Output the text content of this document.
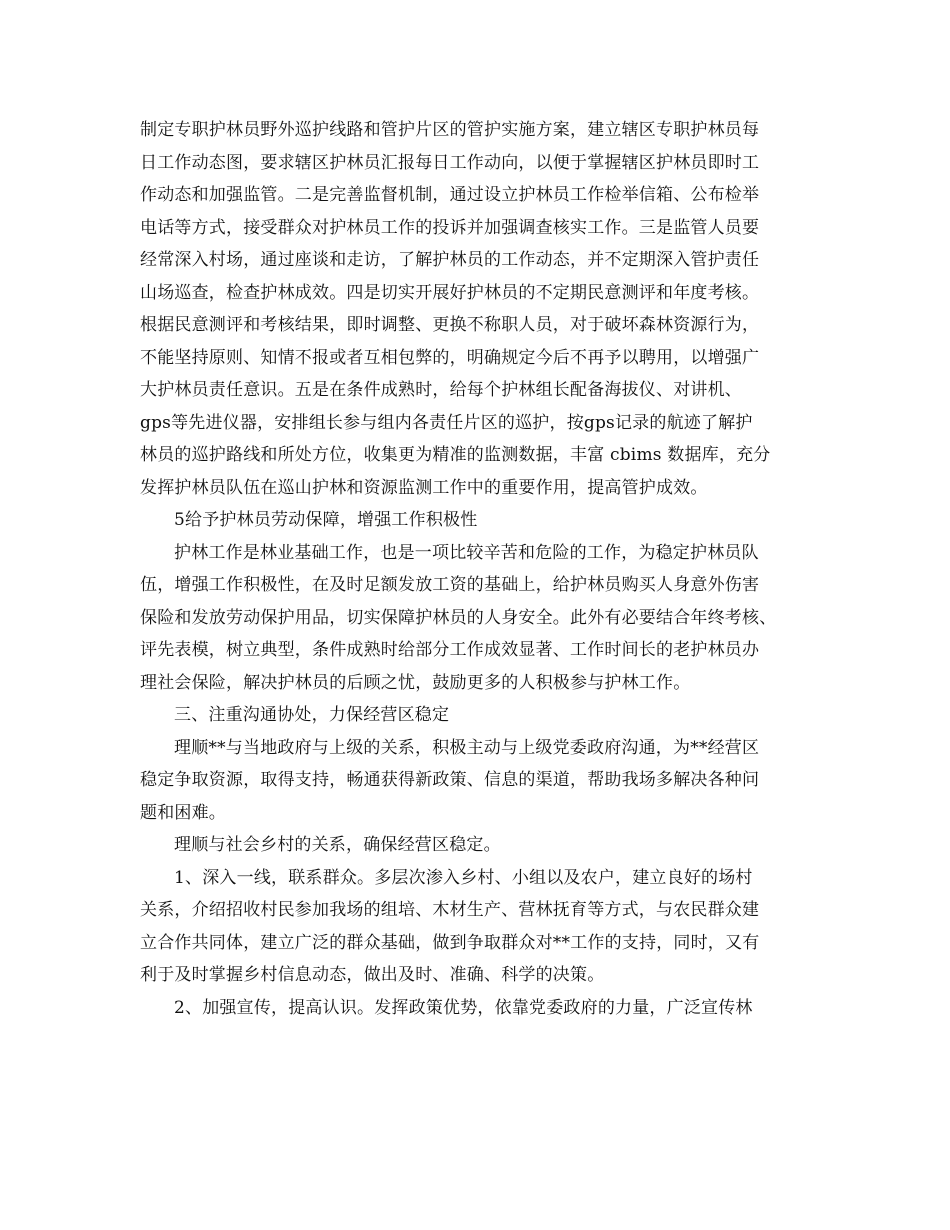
制定专职护林员野外巡护线路和管护片区的管护实施方案，建立辖区专职护林员每
日工作动态图，要求辖区护林员汇报每日工作动向，以便于掌握辖区护林员即时工
作动态和加强监管。二是完善监督机制，通过设立护林员工作检举信箱、公布检举
电话等方式，接受群众对护林员工作的投诉并加强调查核实工作。三是监管人员要
经常深入村场，通过座谈和走访，了解护林员的工作动态，并不定期深入管护责任
山场巡查，检查护林成效。四是切实开展好护林员的不定期民意测评和年度考核。
根据民意测评和考核结果，即时调整、更换不称职人员，对于破坏森林资源行为，
不能坚持原则、知情不报或者互相包弊的，明确规定今后不再予以聘用，以增强广
大护林员责任意识。五是在条件成熟时，给每个护林组长配备海拔仪、对讲机、
gps等先进仪器，安排组长参与组内各责任片区的巡护，按gps记录的航迹了解护
林员的巡护路线和所处方位，收集更为精准的监测数据，丰富 cbims 数据库，充分
发挥护林员队伍在巡山护林和资源监测工作中的重要作用，提高管护成效。
5给予护林员劳动保障，增强工作积极性
护林工作是林业基础工作，也是一项比较辛苦和危险的工作，为稳定护林员队
伍，增强工作积极性，在及时足额发放工资的基础上，给护林员购买人身意外伤害
保险和发放劳动保护用品，切实保障护林员的人身安全。此外有必要结合年终考核、
评先表模，树立典型，条件成熟时给部分工作成效显著、工作时间长的老护林员办
理社会保险，解决护林员的后顾之忧，鼓励更多的人积极参与护林工作。
三、注重沟通协处，力保经营区稳定
理顺**与当地政府与上级的关系，积极主动与上级党委政府沟通，为**经营区
稳定争取资源，取得支持，畅通获得新政策、信息的渠道，帮助我场多解决各种问
题和困难。
理顺与社会乡村的关系，确保经营区稳定。
1、深入一线，联系群众。多层次渗入乡村、小组以及农户，建立良好的场村
关系，介绍招收村民参加我场的组培、木材生产、营林抚育等方式，与农民群众建
立合作共同体，建立广泛的群众基础，做到争取群众对**工作的支持，同时，又有
利于及时掌握乡村信息动态，做出及时、准确、科学的决策。
2、加强宣传，提高认识。发挥政策优势，依靠党委政府的力量，广泛宣传林
